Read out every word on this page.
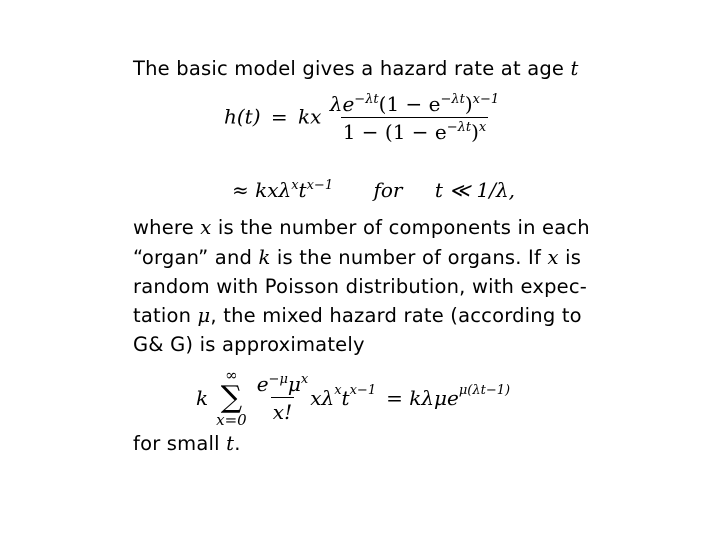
The basic model gives a hazard rate at age t
h(t) = kx $\frac{\lambda e^{-\lambda t}(1 - e^{-\lambda t})^{x-1}}{1 - (1 - e^{-\lambda t})^x}$
≈ $kx\lambda^xt^{x-1}$ for t ≪ 1/λ,
where x is the number of components in each
“organ” and k is the number of organs. If x is
random with Poisson distribution, with expec-
tation μ, the mixed hazard rate (according to
G& G) is approximately
k
∞
∑
$x=0 \frac{e^{-\mu}\mu^x}{x!}$ xλ x t x−1 = kλμe μ(λt−1)
for small t.
